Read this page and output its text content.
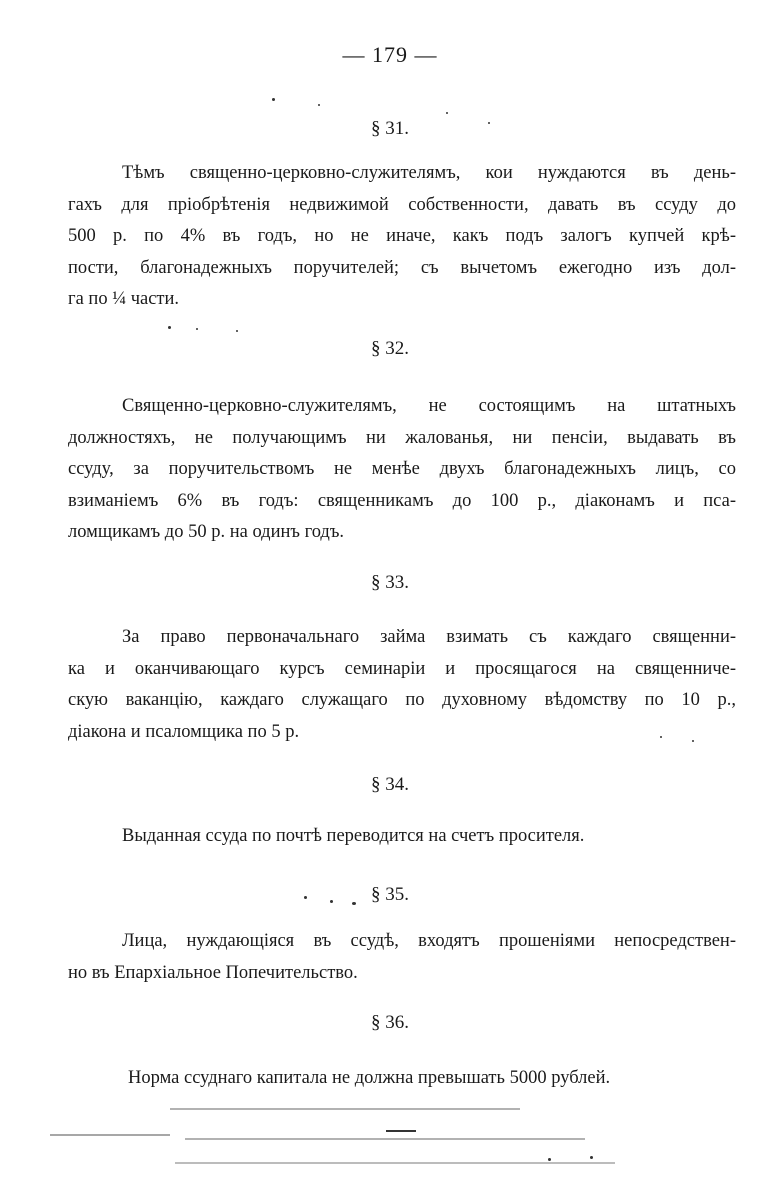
— 179 —
§ 31.
Тѣмъ священно-церковно-служителямъ, кои нуждаются въ день-
гахъ для пріобрѣтенія недвижимой собственности, давать въ ссуду до
500 р. по 4% въ годъ, но не иначе, какъ подъ залогъ купчей крѣ-
пости, благонадежныхъ поручителей; съ вычетомъ ежегодно изъ дол-
га по ¼ части.
§ 32.
Священно-церковно-служителямъ, не состоящимъ на штатныхъ
должностяхъ, не получающимъ ни жалованья, ни пенсіи, выдавать въ
ссуду, за поручительствомъ не менѣе двухъ благонадежныхъ лицъ, со
взиманіемъ 6% въ годъ: священникамъ до 100 р., діаконамъ и пса-
ломщикамъ до 50 р. на одинъ годъ.
§ 33.
За право первоначальнаго займа взимать съ каждаго священни-
ка и оканчивающаго курсъ семинаріи и просящагося на священниче-
скую ваканцію, каждаго служащаго по духовному вѣдомству по 10 р.,
діакона и псаломщика по 5 р.
§ 34.
Выданная ссуда по почтѣ переводится на счетъ просителя.
§ 35.
Лица, нуждающіяся въ ссудѣ, входятъ прошеніями непосредствен-
но въ Епархіальное Попечительство.
§ 36.
Норма ссуднаго капитала не должна превышать 5000 рублей.
